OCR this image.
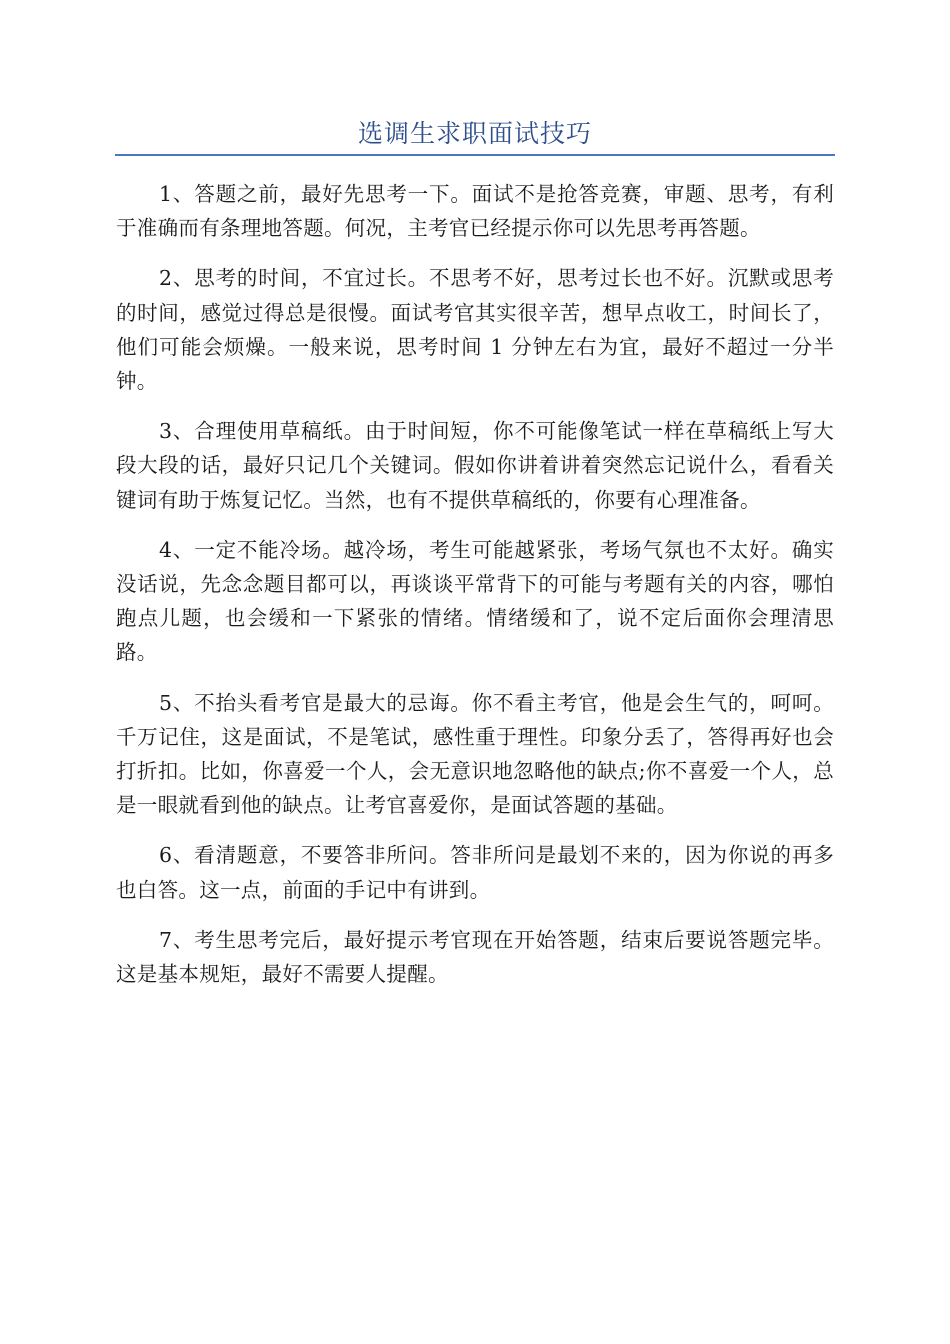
选调生求职面试技巧

1、答题之前，最好先思考一下。面试不是抢答竞赛，审题、思考，有利于准确而有条理地答题。何况，主考官已经提示你可以先思考再答题。

2、思考的时间，不宜过长。不思考不好，思考过长也不好。沉默或思考的时间，感觉过得总是很慢。面试考官其实很辛苦，想早点收工，时间长了，他们可能会烦燥。一般来说，思考时间 1 分钟左右为宜，最好不超过一分半钟。

3、合理使用草稿纸。由于时间短，你不可能像笔试一样在草稿纸上写大段大段的话，最好只记几个关键词。假如你讲着讲着突然忘记说什么，看看关键词有助于炼复记忆。当然，也有不提供草稿纸的，你要有心理准备。

4、一定不能冷场。越冷场，考生可能越紧张，考场气氛也不太好。确实没话说，先念念题目都可以，再谈谈平常背下的可能与考题有关的内容，哪怕跑点儿题，也会缓和一下紧张的情绪。情绪缓和了，说不定后面你会理清思路。

5、不抬头看考官是最大的忌诲。你不看主考官，他是会生气的，呵呵。千万记住，这是面试，不是笔试，感性重于理性。印象分丢了，答得再好也会打折扣。比如，你喜爱一个人，会无意识地忽略他的缺点;你不喜爱一个人，总是一眼就看到他的缺点。让考官喜爱你，是面试答题的基础。

6、看清题意，不要答非所问。答非所问是最划不来的，因为你说的再多也白答。这一点，前面的手记中有讲到。

7、考生思考完后，最好提示考官现在开始答题，结束后要说答题完毕。这是基本规矩，最好不需要人提醒。
